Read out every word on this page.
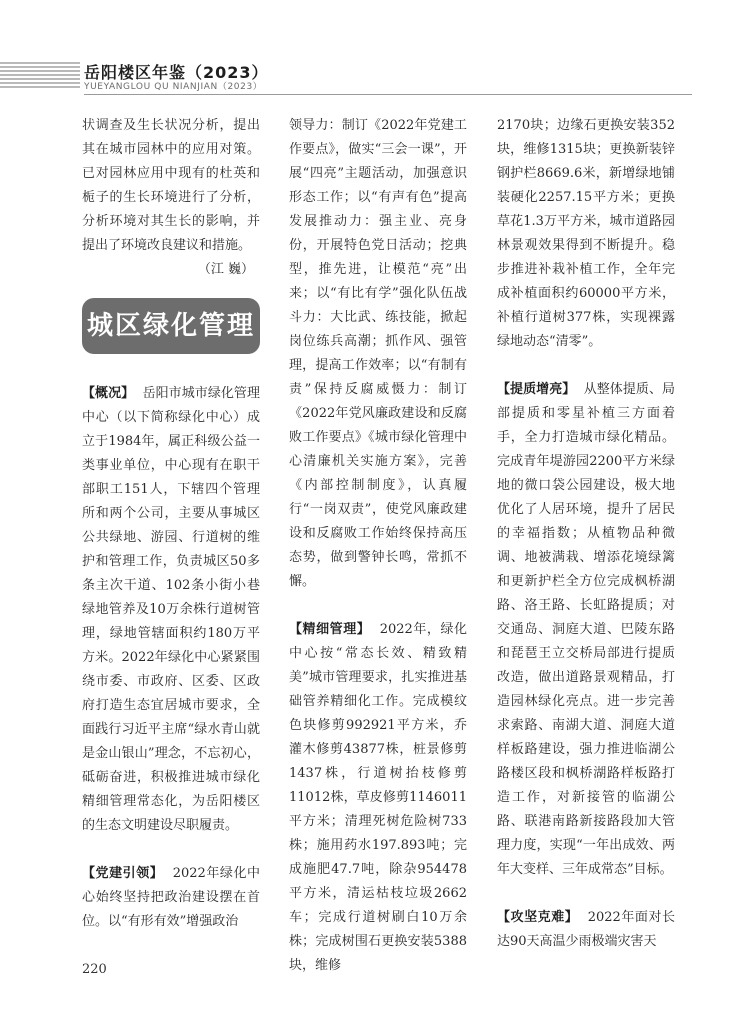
岳阳楼区年鉴（2023）
YUEYANGLOU QU NIANJIAN（2023）

状调查及生长状况分析，提出其在城市园林中的应用对策。已对园林应用中现有的杜英和栀子的生长环境进行了分析，分析环境对其生长的影响，并提出了环境改良建议和措施。

（江 巍）

城区绿化管理

【概况】 岳阳市城市绿化管理中心（以下简称绿化中心）成立于1984年，属正科级公益一类事业单位，中心现有在职干部职工151人，下辖四个管理所和两个公司，主要从事城区公共绿地、游园、行道树的维护和管理工作，负责城区50多条主次干道、102条小街小巷绿地管养及10万余株行道树管理，绿地管辖面积约180万平方米。2022年绿化中心紧紧围绕市委、市政府、区委、区政府打造生态宜居城市要求，全面践行习近平主席“绿水青山就是金山银山”理念，不忘初心，砥砺奋进，积极推进城市绿化精细管理常态化，为岳阳楼区的生态文明建设尽职履责。

【党建引领】 2022年绿化中心始终坚持把政治建设摆在首位。以“有形有效”增强政治

领导力：制订《2022年党建工作要点》，做实“三会一课”，开展“四亮”主题活动，加强意识形态工作；以“有声有色”提高发展推动力：强主业、亮身份，开展特色党日活动；挖典型，推先进，让模范“亮”出来；以“有比有学”强化队伍战斗力：大比武、练技能，掀起岗位练兵高潮；抓作风、强管理，提高工作效率；以“有制有责”保持反腐威慑力：制订《2022年党风廉政建设和反腐败工作要点》《城市绿化管理中心清廉机关实施方案》，完善《内部控制制度》，认真履行“一岗双责”，使党风廉政建设和反腐败工作始终保持高压态势，做到警钟长鸣，常抓不懈。

【精细管理】 2022年，绿化中心按“常态长效、精致精美”城市管理要求，扎实推进基础管养精细化工作。完成模纹色块修剪992921平方米，乔灌木修剪43877株，桩景修剪1437株，行道树抬枝修剪11012株，草皮修剪1146011平方米；清理死树危险树733株；施用药水197.893吨；完成施肥47.7吨，除杂954478平方米，清运枯枝垃圾2662车；完成行道树刷白10万余株；完成树围石更换安装5388块，维修

2170块；边缘石更换安装352块，维修1315块；更换新装锌钢护栏8669.6米，新增绿地铺装硬化2257.15平方米；更换草花1.3万平方米，城市道路园林景观效果得到不断提升。稳步推进补栽补植工作，全年完成补植面积约60000平方米，补植行道树377株，实现裸露绿地动态“清零”。

【提质增亮】 从整体提质、局部提质和零星补植三方面着手，全力打造城市绿化精品。完成青年堤游园2200平方米绿地的微口袋公园建设，极大地优化了人居环境，提升了居民的幸福指数；从植物品种微调、地被满栽、增添花境绿篱和更新护栏全方位完成枫桥湖路、洛王路、长虹路提质；对交通岛、洞庭大道、巴陵东路和琵琶王立交桥局部进行提质改造，做出道路景观精品，打造园林绿化亮点。进一步完善求索路、南湖大道、洞庭大道样板路建设，强力推进临湖公路楼区段和枫桥湖路样板路打造工作，对新接管的临湖公路、联港南路新接路段加大管理力度，实现“一年出成效、两年大变样、三年成常态”目标。

【攻坚克难】 2022年面对长达90天高温少雨极端灾害天

220
